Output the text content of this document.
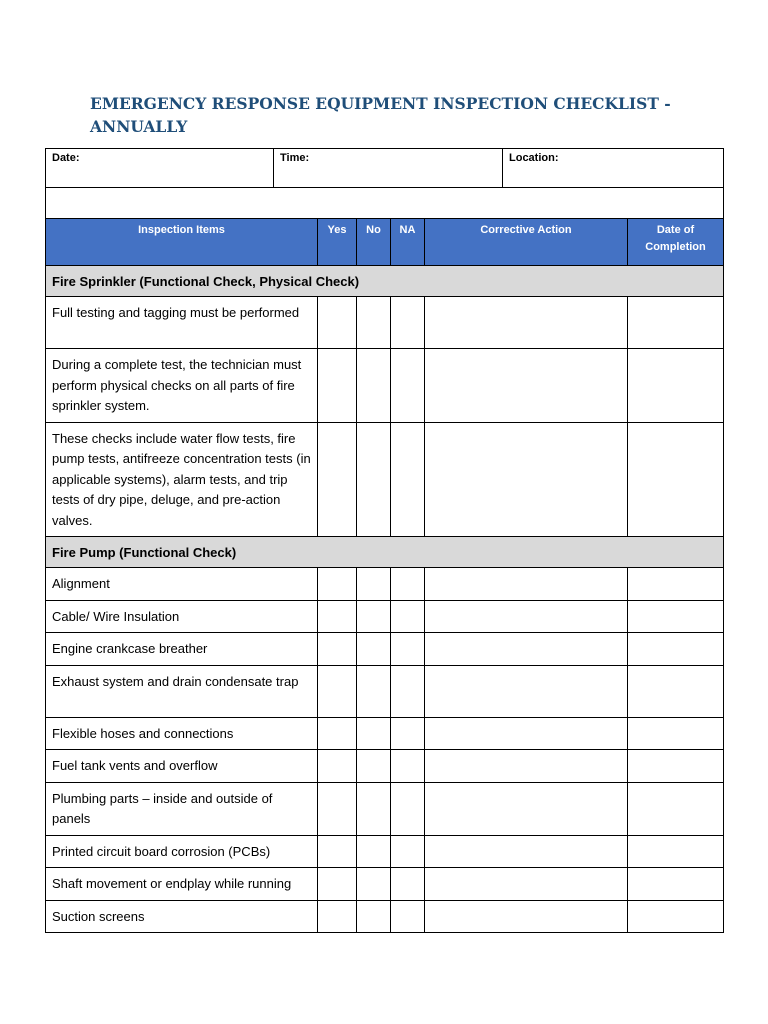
EMERGENCY RESPONSE EQUIPMENT INSPECTION CHECKLIST -
ANNUALLY
Date:	Time:	Location:

Inspection Items	Yes	No	NA	Corrective Action	Date of Completion
Fire Sprinkler (Functional Check, Physical Check)					
Full testing and tagging must be performed					
During a complete test, the technician must perform physical checks on all parts of fire sprinkler system.					
These checks include water flow tests, fire pump tests, antifreeze concentration tests (in applicable systems), alarm tests, and trip tests of dry pipe, deluge, and pre-action valves.					
Fire Pump (Functional Check)					
Alignment					
Cable/ Wire Insulation					
Engine crankcase breather					
Exhaust system and drain condensate trap					
Flexible hoses and connections					
Fuel tank vents and overflow					
Plumbing parts – inside and outside of panels					
Printed circuit board corrosion (PCBs)					
Shaft movement or endplay while running					
Suction screens					
